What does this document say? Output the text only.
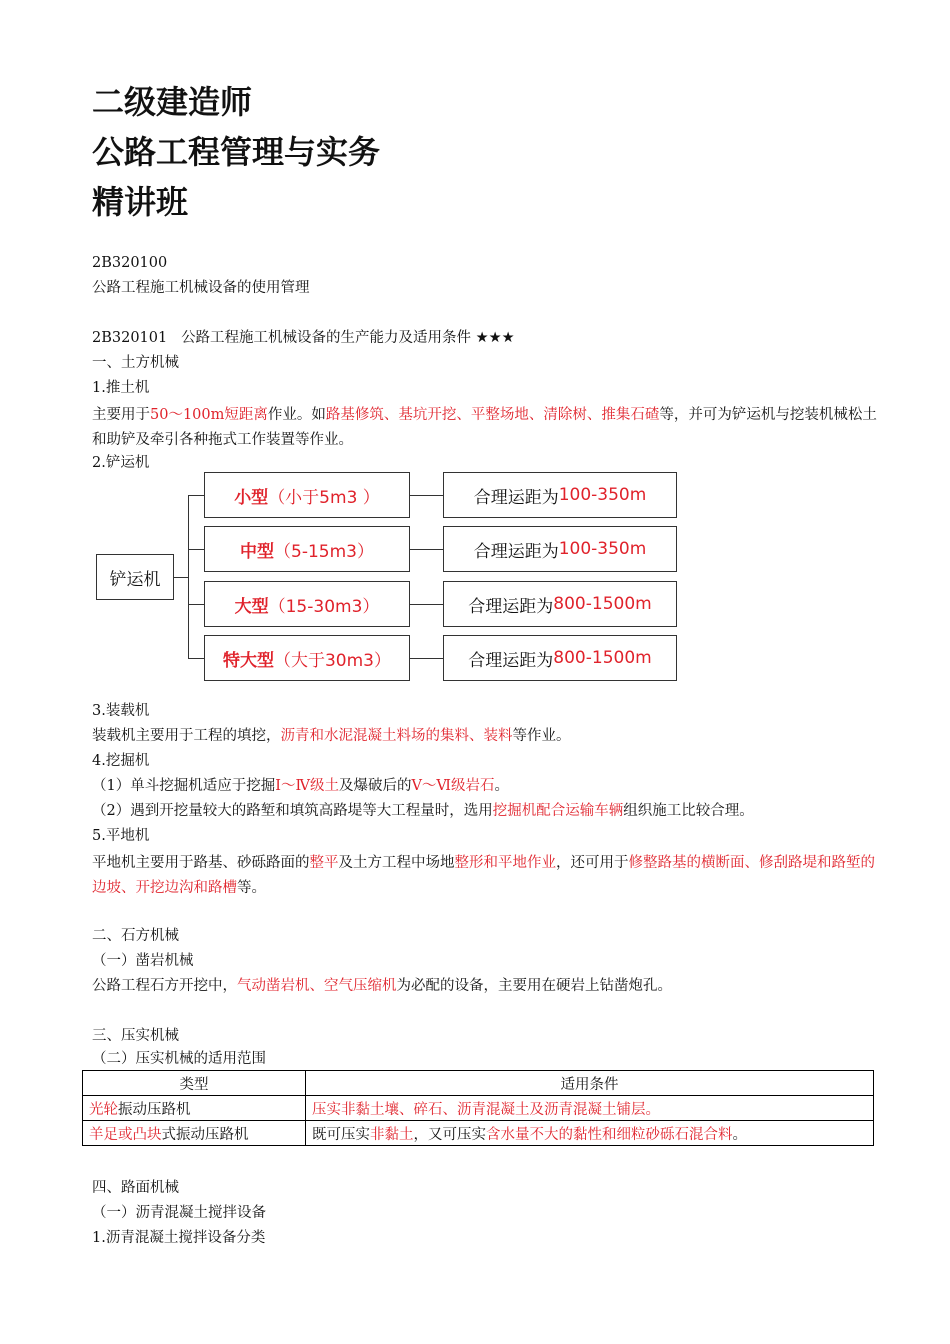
二级建造师
公路工程管理与实务
精讲班

2B320100

公路工程施工机械设备的使用管理

2B320101 公路工程施工机械设备的生产能力及适用条件 ★★★

一、土方机械

1.推土机

主要用于50～100m短距离作业。如路基修筑、基坑开挖、平整场地、清除树、推集石碴等，并可为铲运机与挖装机械松土和助铲及牵引各种拖式工作装置等作业。

2.铲运机

铲运机
小型 （小于5m3 ）
中型 （5-15m3）
大型 （15-30m3）
特大型 （大于30m3）
合理运距为 100-350m
合理运距为 100-350m
合理运距为 800-1500m
合理运距为 800-1500m

3.装载机

装载机主要用于工程的填挖，沥青和水泥混凝土料场的集料、装料等作业。

4.挖掘机

（1）单斗挖掘机适应于挖掘Ⅰ～Ⅳ级土及爆破后的Ⅴ～Ⅵ级岩石。

（2）遇到开挖量较大的路堑和填筑高路堤等大工程量时，选用挖掘机配合运输车辆组织施工比较合理。

5.平地机

平地机主要用于路基、砂砾路面的整平及土方工程中场地整形和平地作业，还可用于修整路基的横断面、修刮路堤和路堑的边坡、开挖边沟和路槽等。

二、石方机械

（一）凿岩机械

公路工程石方开挖中，气动凿岩机、空气压缩机为必配的设备，主要用在硬岩上钻凿炮孔。

三、压实机械

（二）压实机械的适用范围

类型	适用条件
光轮振动压路机	压实非黏土壤、碎石、沥青混凝土及沥青混凝土铺层。
羊足或凸块式振动压路机	既可压实非黏土，又可压实含水量不大的黏性和细粒砂砾石混合料。

四、路面机械

（一）沥青混凝土搅拌设备

1.沥青混凝土搅拌设备分类
